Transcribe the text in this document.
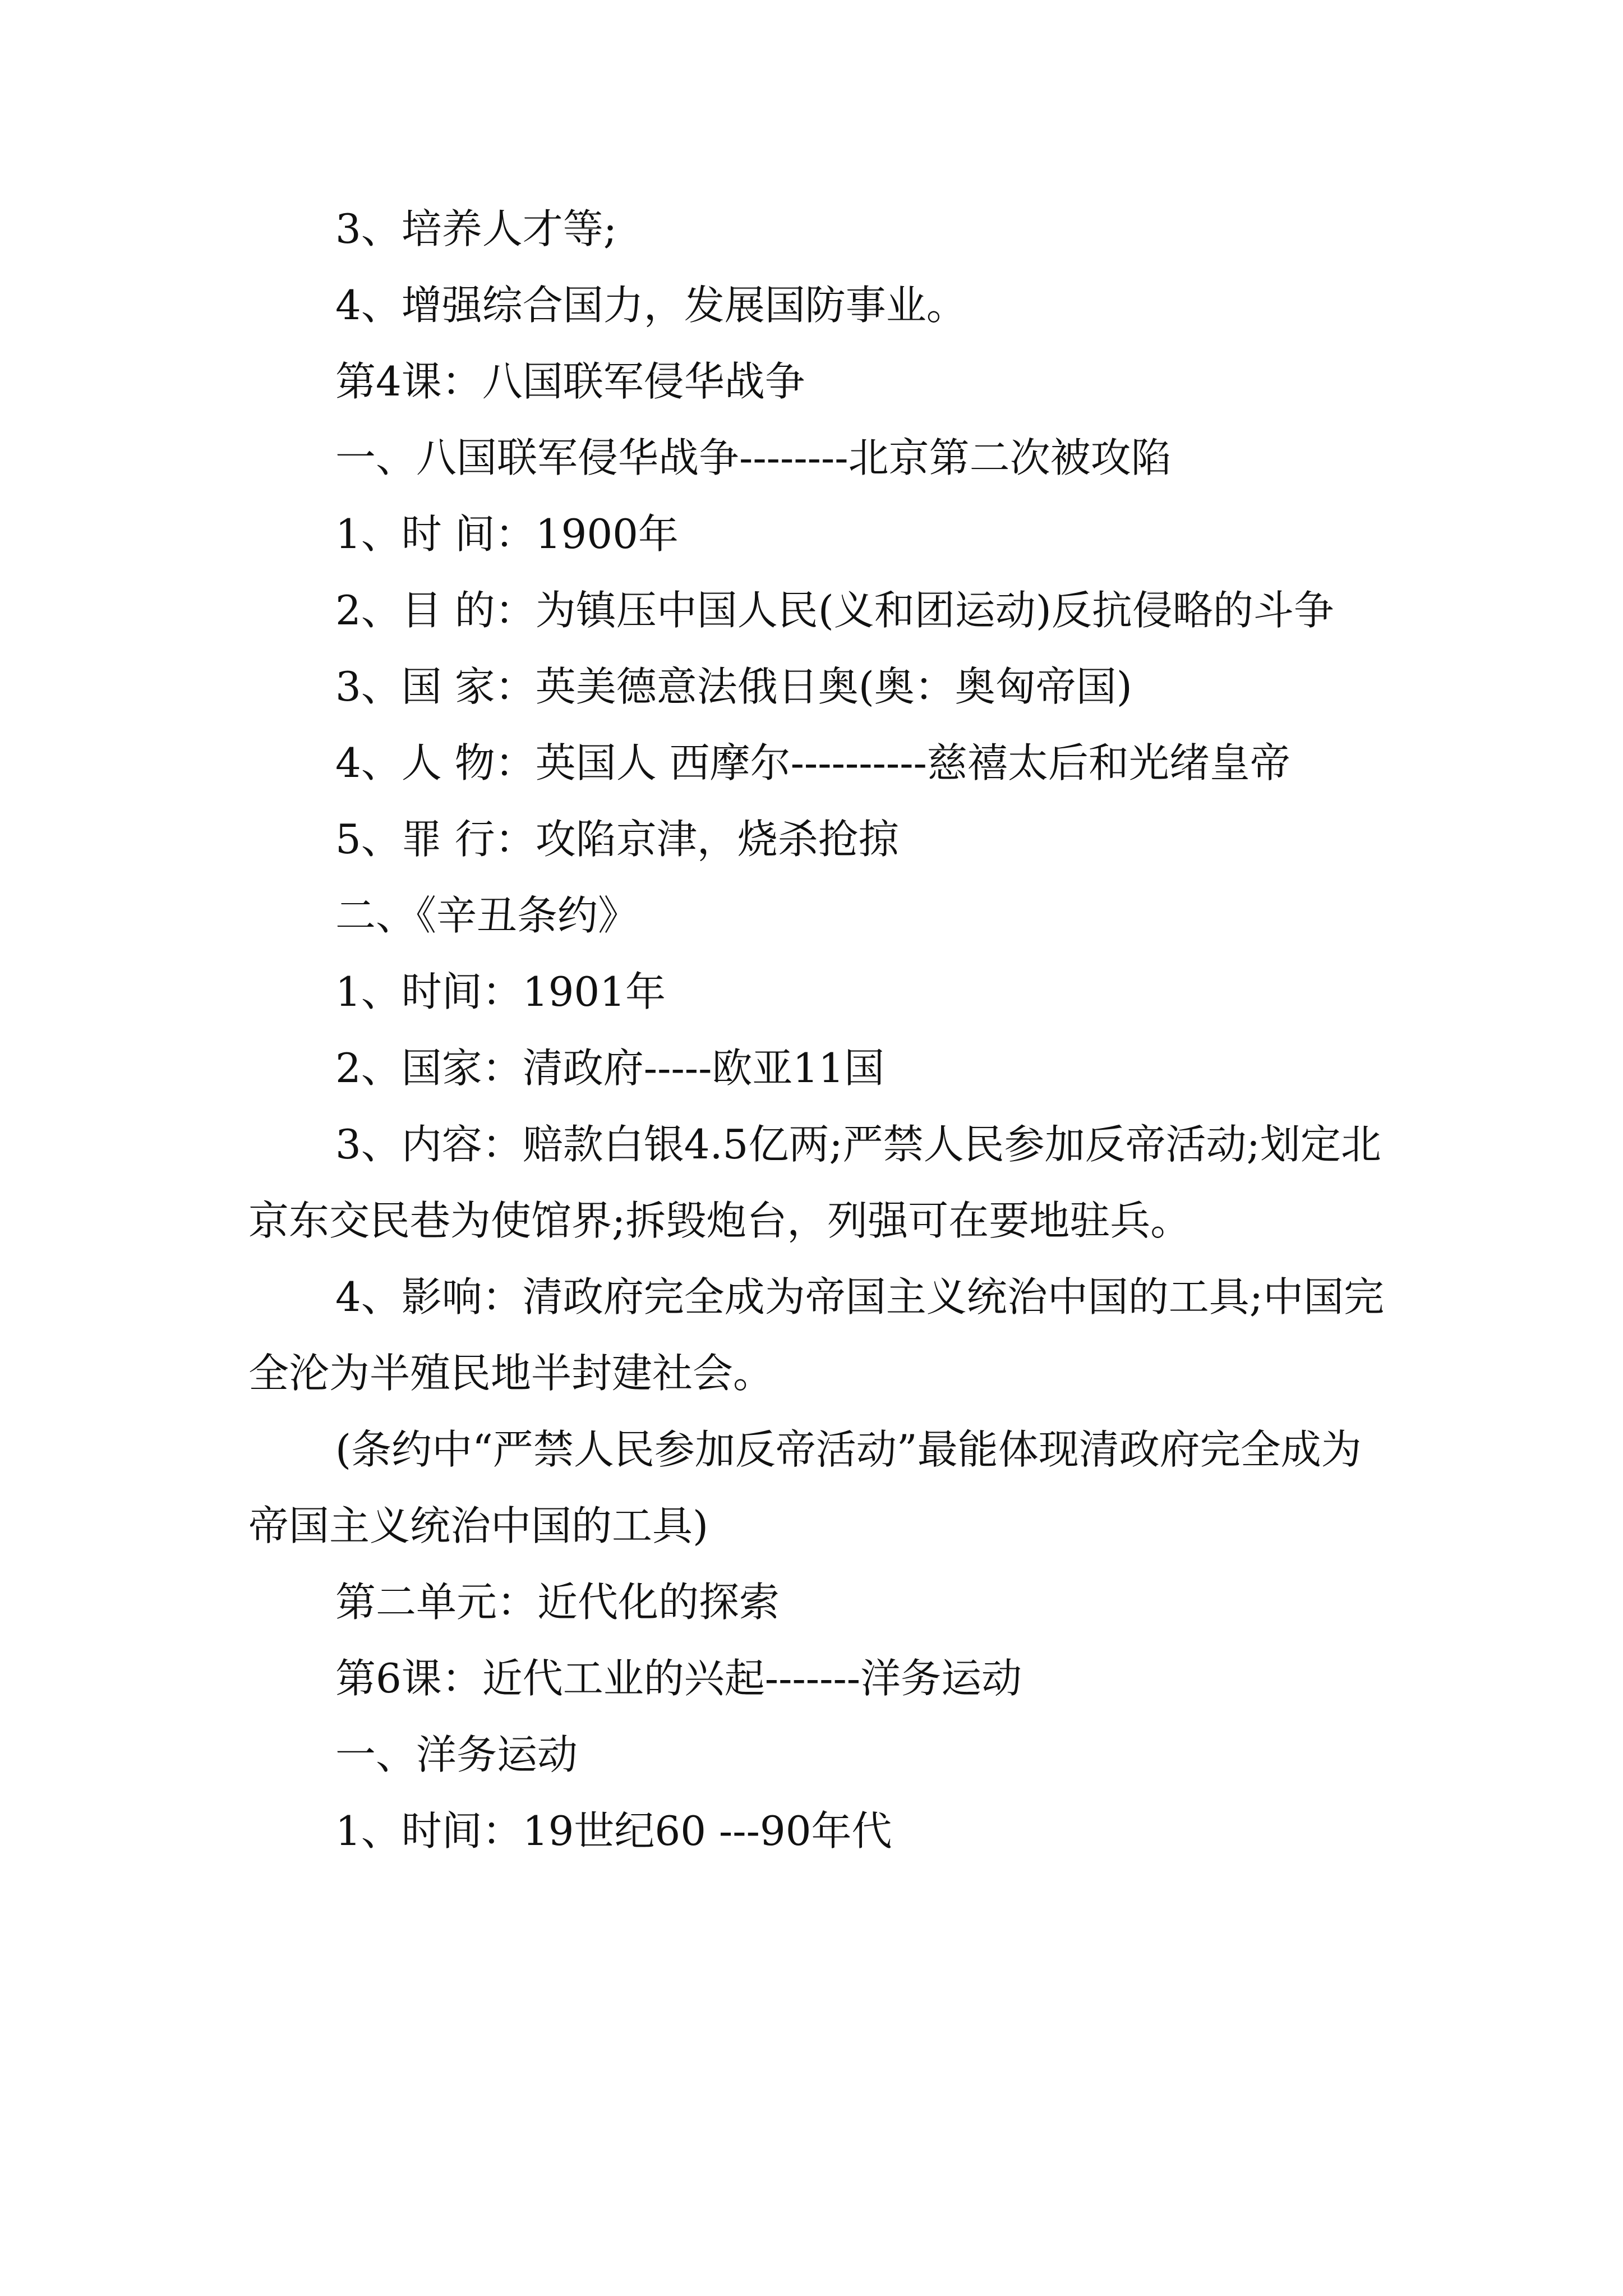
3、培养人才等;

4、增强综合国力，发展国防事业。

第4课：八国联军侵华战争

一、八国联军侵华战争--------北京第二次被攻陷

1、时 间：1900年

2、目 的：为镇压中国人民(义和团运动)反抗侵略的斗争

3、国 家：英美德意法俄日奥(奥：奥匈帝国)

4、人 物：英国人 西摩尔----------慈禧太后和光绪皇帝

5、罪 行：攻陷京津，烧杀抢掠

二、《辛丑条约》

1、时间：1901年

2、国家：清政府-----欧亚11国

3、内容：赔款白银4.5亿两;严禁人民参加反帝活动;划定北京东交民巷为使馆界;拆毁炮台，列强可在要地驻兵。

4、影响：清政府完全成为帝国主义统治中国的工具;中国完全沦为半殖民地半封建社会。

(条约中“严禁人民参加反帝活动”最能体现清政府完全成为帝国主义统治中国的工具)

第二单元：近代化的探索

第6课：近代工业的兴起-------洋务运动

一、洋务运动

1、时间：19世纪60 ---90年代
